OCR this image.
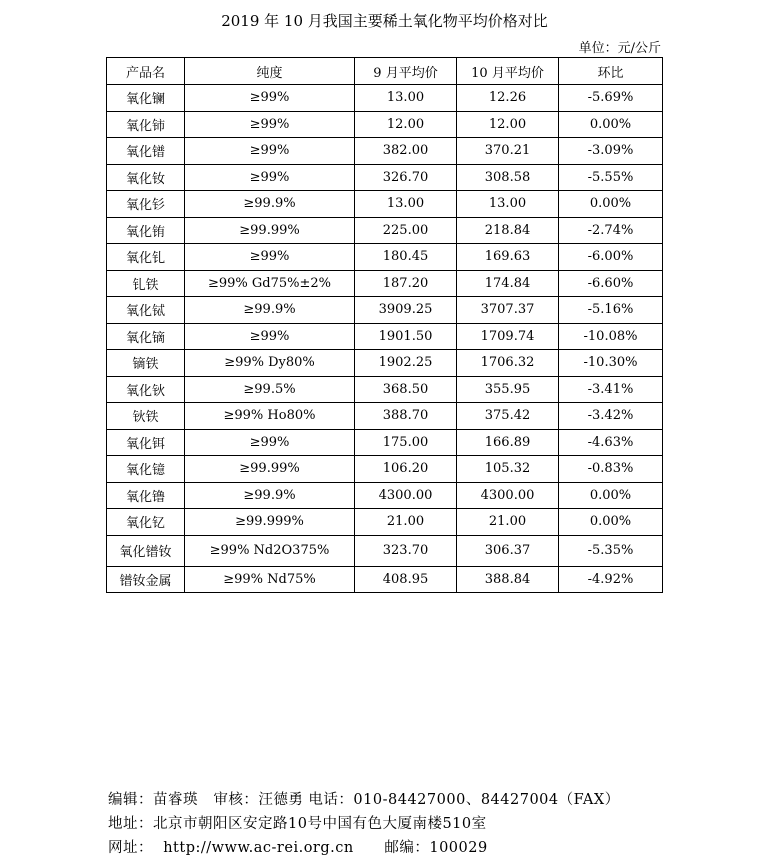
2019 年 10 月我国主要稀土氧化物平均价格对比
单位：元/公斤
产品名	纯度	9 月平均价	10 月平均价	环比
氧化镧	≥99%	13.00	12.26	-5.69%
氧化铈	≥99%	12.00	12.00	0.00%
氧化镨	≥99%	382.00	370.21	-3.09%
氧化钕	≥99%	326.70	308.58	-5.55%
氧化钐	≥99.9%	13.00	13.00	0.00%
氧化铕	≥99.99%	225.00	218.84	-2.74%
氧化钆	≥99%	180.45	169.63	-6.00%
钆铁	≥99% Gd75%±2%	187.20	174.84	-6.60%
氧化铽	≥99.9%	3909.25	3707.37	-5.16%
氧化镝	≥99%	1901.50	1709.74	-10.08%
镝铁	≥99% Dy80%	1902.25	1706.32	-10.30%
氧化钬	≥99.5%	368.50	355.95	-3.41%
钬铁	≥99% Ho80%	388.70	375.42	-3.42%
氧化铒	≥99%	175.00	166.89	-4.63%
氧化镱	≥99.99%	106.20	105.32	-0.83%
氧化镥	≥99.9%	4300.00	4300.00	0.00%
氧化钇	≥99.999%	21.00	21.00	0.00%
氧化镨钕	≥99% Nd2O375%	323.70	306.37	-5.35%
镨钕金属	≥99% Nd75%	408.95	388.84	-4.92%
编辑：苗睿瑛   审核：汪德勇 电话：010-84427000、84427004（FAX）
地址：北京市朝阳区安定路10号中国有色大厦南楼510室
网址：  http://www.ac-rei.org.cn      邮编：100029
